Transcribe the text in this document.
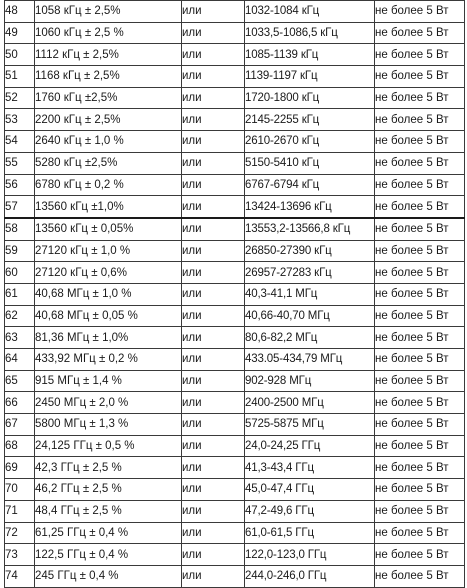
48	1058 кГц ± 2,5%	или	1032-1084 кГц	не более 5 Вт
49	1060 кГц ± 2,5 %	или	1033,5-1086,5 кГц	не более 5 Вт
50	1112 кГц ± 2,5%	или	1085-1139 кГц	не более 5 Вт
51	1168 кГц ± 2,5%	или	1139-1197 кГц	не более 5 Вт
52	1760 кГц ±2,5%	или	1720-1800 кГц	не более 5 Вт
53	2200 кГц ± 2,5%	или	2145-2255 кГц	не более 5 Вт
54	2640 кГц ± 1,0 %	или	2610-2670 кГц	не более 5 Вт
55	5280 кГц ±2,5%	или	5150-5410 кГц	не более 5 Вт
56	6780 кГц ± 0,2 %	или	6767-6794 кГц	не более 5 Вт
57	13560 кГц ±1,0%	или	13424-13696 кГц	не более 5 Вт
58	13560 кГц ± 0,05%	или	13553,2-13566,8 кГц	не более 5 Вт
59	27120 кГц ± 1,0 %	или	26850-27390 кГц	не более 5 Вт
60	27120 кГц ± 0,6%	или	26957-27283 кГц	не более 5 Вт
61	40,68 МГц ± 1,0 %	или	40,3-41,1 МГц	не более 5 Вт
62	40,68 МГц ± 0,05 %	или	40,66-40,70 МГц	не более 5 Вт
63	81,36 МГц ± 1,0%	или	80,6-82,2 МГц	не более 5 Вт
64	433,92 МГц ± 0,2 %	или	433.05-434,79 МГц	не более 5 Вт
65	915 МГц ± 1,4 %	или	902-928 МГц	не более 5 Вт
66	2450 МГц ± 2,0 %	или	2400-2500 МГц	не более 5 Вт
67	5800 МГц ± 1,3 %	или	5725-5875 МГц	не более 5 Вт
68	24,125 ГГц ± 0,5 %	или	24,0-24,25 ГГц	не более 5 Вт
69	42,3 ГГц ± 2,5 %	или	41,3-43,4 ГГц	не более 5 Вт
70	46,2 ГГц ± 2,5 %	или	45,0-47,4 ГГц	не более 5 Вт
71	48,4 ГГц ± 2,5 %	или	47,2-49,6 ГГц	не более 5 Вт
72	61,25 ГГц ± 0,4 %	или	61,0-61,5 ГГц	не более 5 Вт
73	122,5 ГГц ± 0,4 %	или	122,0-123,0 ГГц	не более 5 Вт
74	245 ГГц ± 0,4 %	или	244,0-246,0 ГГц	не более 5 Вт
